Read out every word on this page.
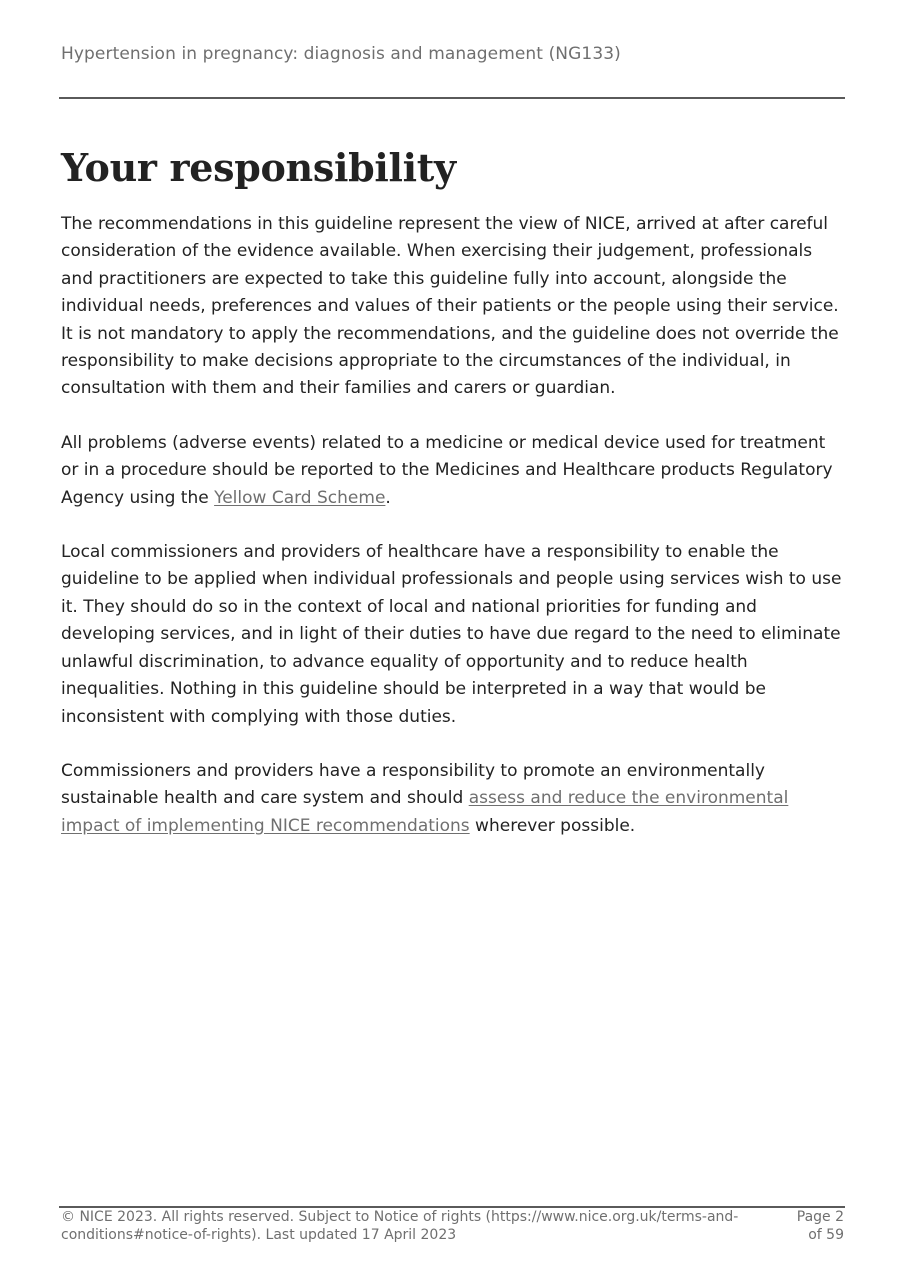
Hypertension in pregnancy: diagnosis and management (NG133)
Your responsibility

The recommendations in this guideline represent the view of NICE, arrived at after careful consideration of the evidence available. When exercising their judgement, professionals and practitioners are expected to take this guideline fully into account, alongside the individual needs, preferences and values of their patients or the people using their service. It is not mandatory to apply the recommendations, and the guideline does not override the responsibility to make decisions appropriate to the circumstances of the individual, in consultation with them and their families and carers or guardian.

All problems (adverse events) related to a medicine or medical device used for treatment or in a procedure should be reported to the Medicines and Healthcare products Regulatory Agency using the Yellow Card Scheme.

Local commissioners and providers of healthcare have a responsibility to enable the guideline to be applied when individual professionals and people using services wish to use it. They should do so in the context of local and national priorities for funding and developing services, and in light of their duties to have due regard to the need to eliminate unlawful discrimination, to advance equality of opportunity and to reduce health inequalities. Nothing in this guideline should be interpreted in a way that would be inconsistent with complying with those duties.

Commissioners and providers have a responsibility to promote an environmentally sustainable health and care system and should assess and reduce the environmental impact of implementing NICE recommendations wherever possible.

© NICE 2023. All rights reserved. Subject to Notice of rights (https://www.nice.org.uk/terms-and-conditions#notice-of-rights). Last updated 17 April 2023
Page 2 of 59
